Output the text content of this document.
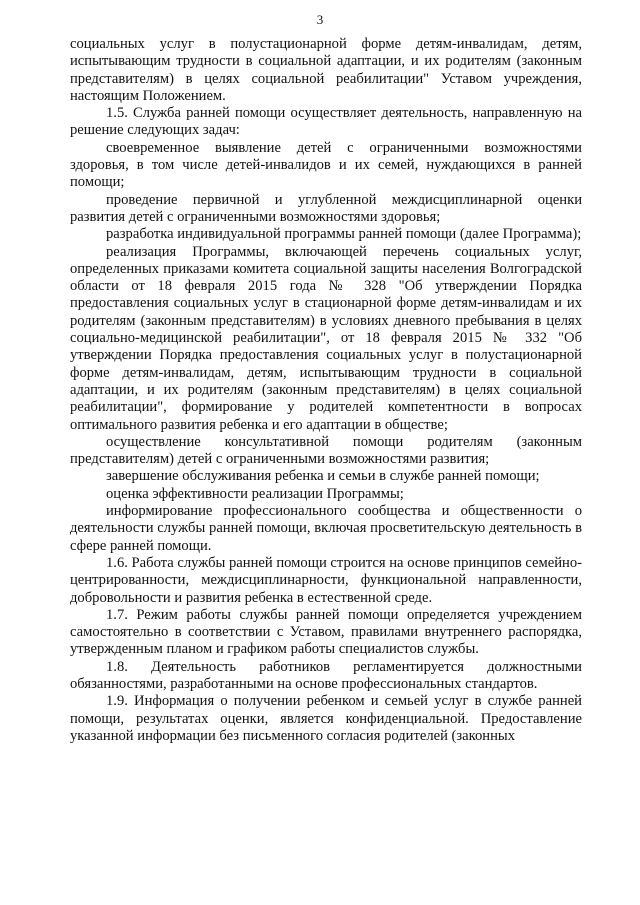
3

социальных услуг в полустационарной форме детям-инвалидам, детям, испытывающим трудности в социальной адаптации, и их родителям (законным представителям) в целях социальной реабилитации" Уставом учреждения, настоящим Положением.

1.5. Служба ранней помощи осуществляет деятельность, направленную на решение следующих задач:

своевременное выявление детей с ограниченными возможностями здоровья, в том числе детей-инвалидов и их семей, нуждающихся в ранней помощи;

проведение первичной и углубленной междисциплинарной оценки развития детей с ограниченными возможностями здоровья;

разработка индивидуальной программы ранней помощи (далее Программа);

реализация Программы, включающей перечень социальных услуг, определенных приказами комитета социальной защиты населения Волгоградской области от 18 февраля 2015 года № 328 "Об утверждении Порядка предоставления социальных услуг в стационарной форме детям-инвалидам и их родителям (законным представителям) в условиях дневного пребывания в целях социально-медицинской реабилитации", от 18 февраля 2015 № 332 "Об утверждении Порядка предоставления социальных услуг в полустационарной форме детям-инвалидам, детям, испытывающим трудности в социальной адаптации, и их родителям (законным представителям) в целях социальной реабилитации", формирование у родителей компетентности в вопросах оптимального развития ребенка и его адаптации в обществе;

осуществление консультативной помощи родителям (законным представителям) детей с ограниченными возможностями развития;

завершение обслуживания ребенка и семьи в службе ранней помощи;

оценка эффективности реализации Программы;

информирование профессионального сообщества и общественности о деятельности службы ранней помощи, включая просветительскую деятельность в сфере ранней помощи.

1.6. Работа службы ранней помощи строится на основе принципов семейно-центрированности, междисциплинарности, функциональной направленности, добровольности и развития ребенка в естественной среде.

1.7. Режим работы службы ранней помощи определяется учреждением самостоятельно в соответствии с Уставом, правилами внутреннего распорядка, утвержденным планом и графиком работы специалистов службы.

1.8. Деятельность работников регламентируется должностными обязанностями, разработанными на основе профессиональных стандартов.

1.9. Информация о получении ребенком и семьей услуг в службе ранней помощи, результатах оценки, является конфиденциальной. Предоставление указанной информации без письменного согласия родителей (законных
